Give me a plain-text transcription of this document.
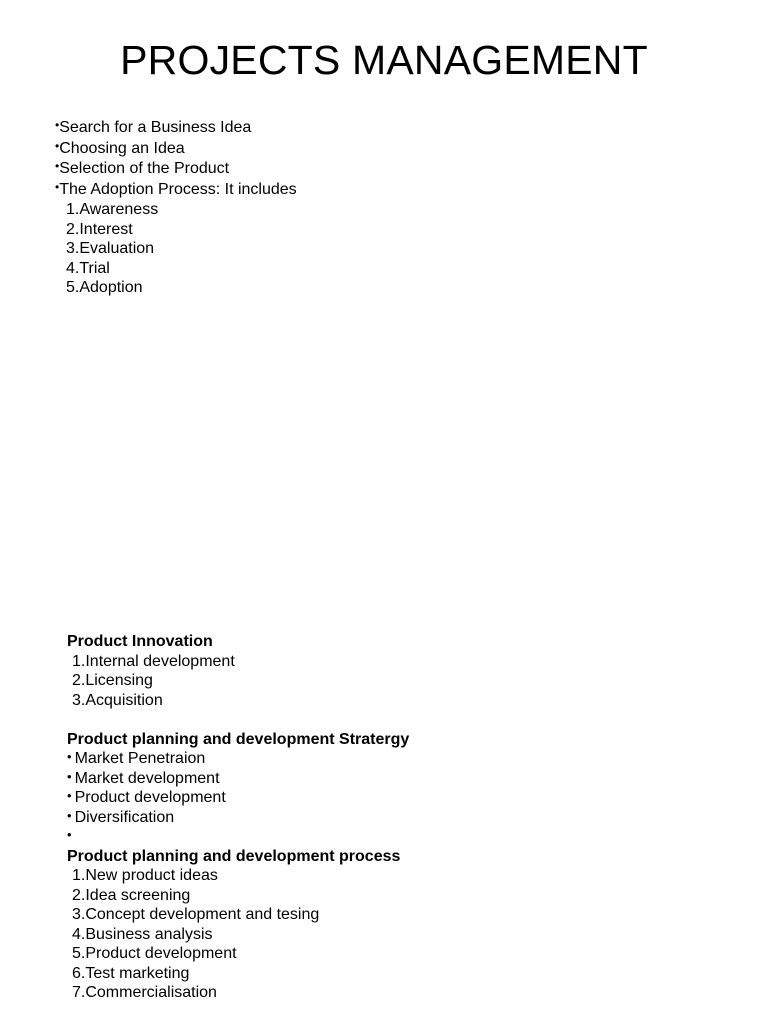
PROJECTS MANAGEMENT
•Search for a Business Idea
•Choosing an Idea
•Selection of the Product
•The Adoption Process: It includes
1.Awareness
2.Interest
3.Evaluation
4.Trial
5.Adoption
Product Innovation
1.Internal development
2.Licensing
3.Acquisition
Product planning and development Stratergy
• Market Penetraion
• Market development
• Product development
• Diversification
•
Product planning and development process
1.New product ideas
2.Idea screening
3.Concept development and tesing
4.Business analysis
5.Product development
6.Test marketing
7.Commercialisation
